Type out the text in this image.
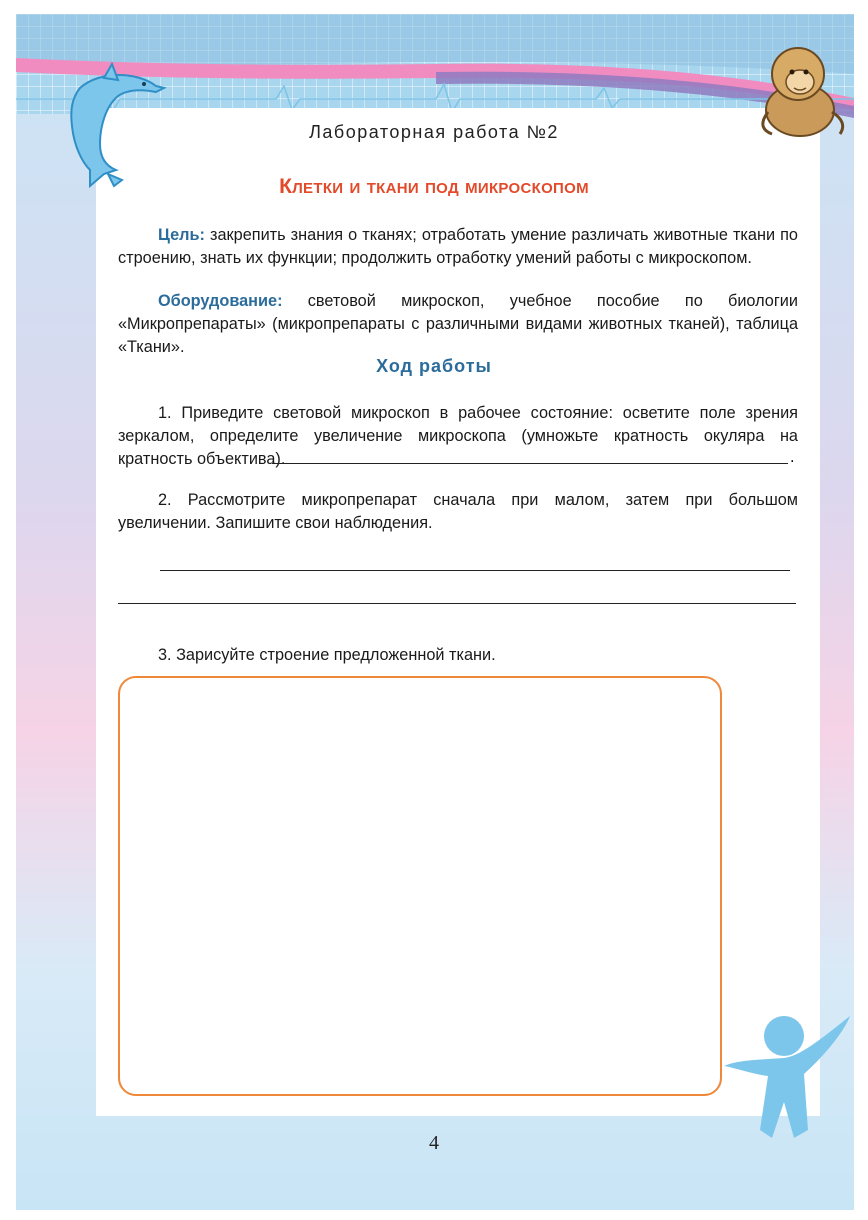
Лабораторная работа №2
Клетки и ткани под микроскопом

Цель: закрепить знания о тканях; отработать умение различать животные ткани по строению, знать их функции; продолжить отработку умений работы с микроскопом.

Оборудование: световой микроскоп, учебное пособие по биологии «Микропрепараты» (микропрепараты с различными видами животных тканей), таблица «Ткани».

Ход работы

1. Приведите световой микроскоп в рабочее состояние: осветите поле зрения зеркалом, определите увеличение микроскопа (умножьте кратность окуляра на кратность объектива).	.

2. Рассмотрите микропрепарат сначала при малом, затем при большом увеличении. Запишите свои наблюдения.

3. Зарисуйте строение предложенной ткани.

4
